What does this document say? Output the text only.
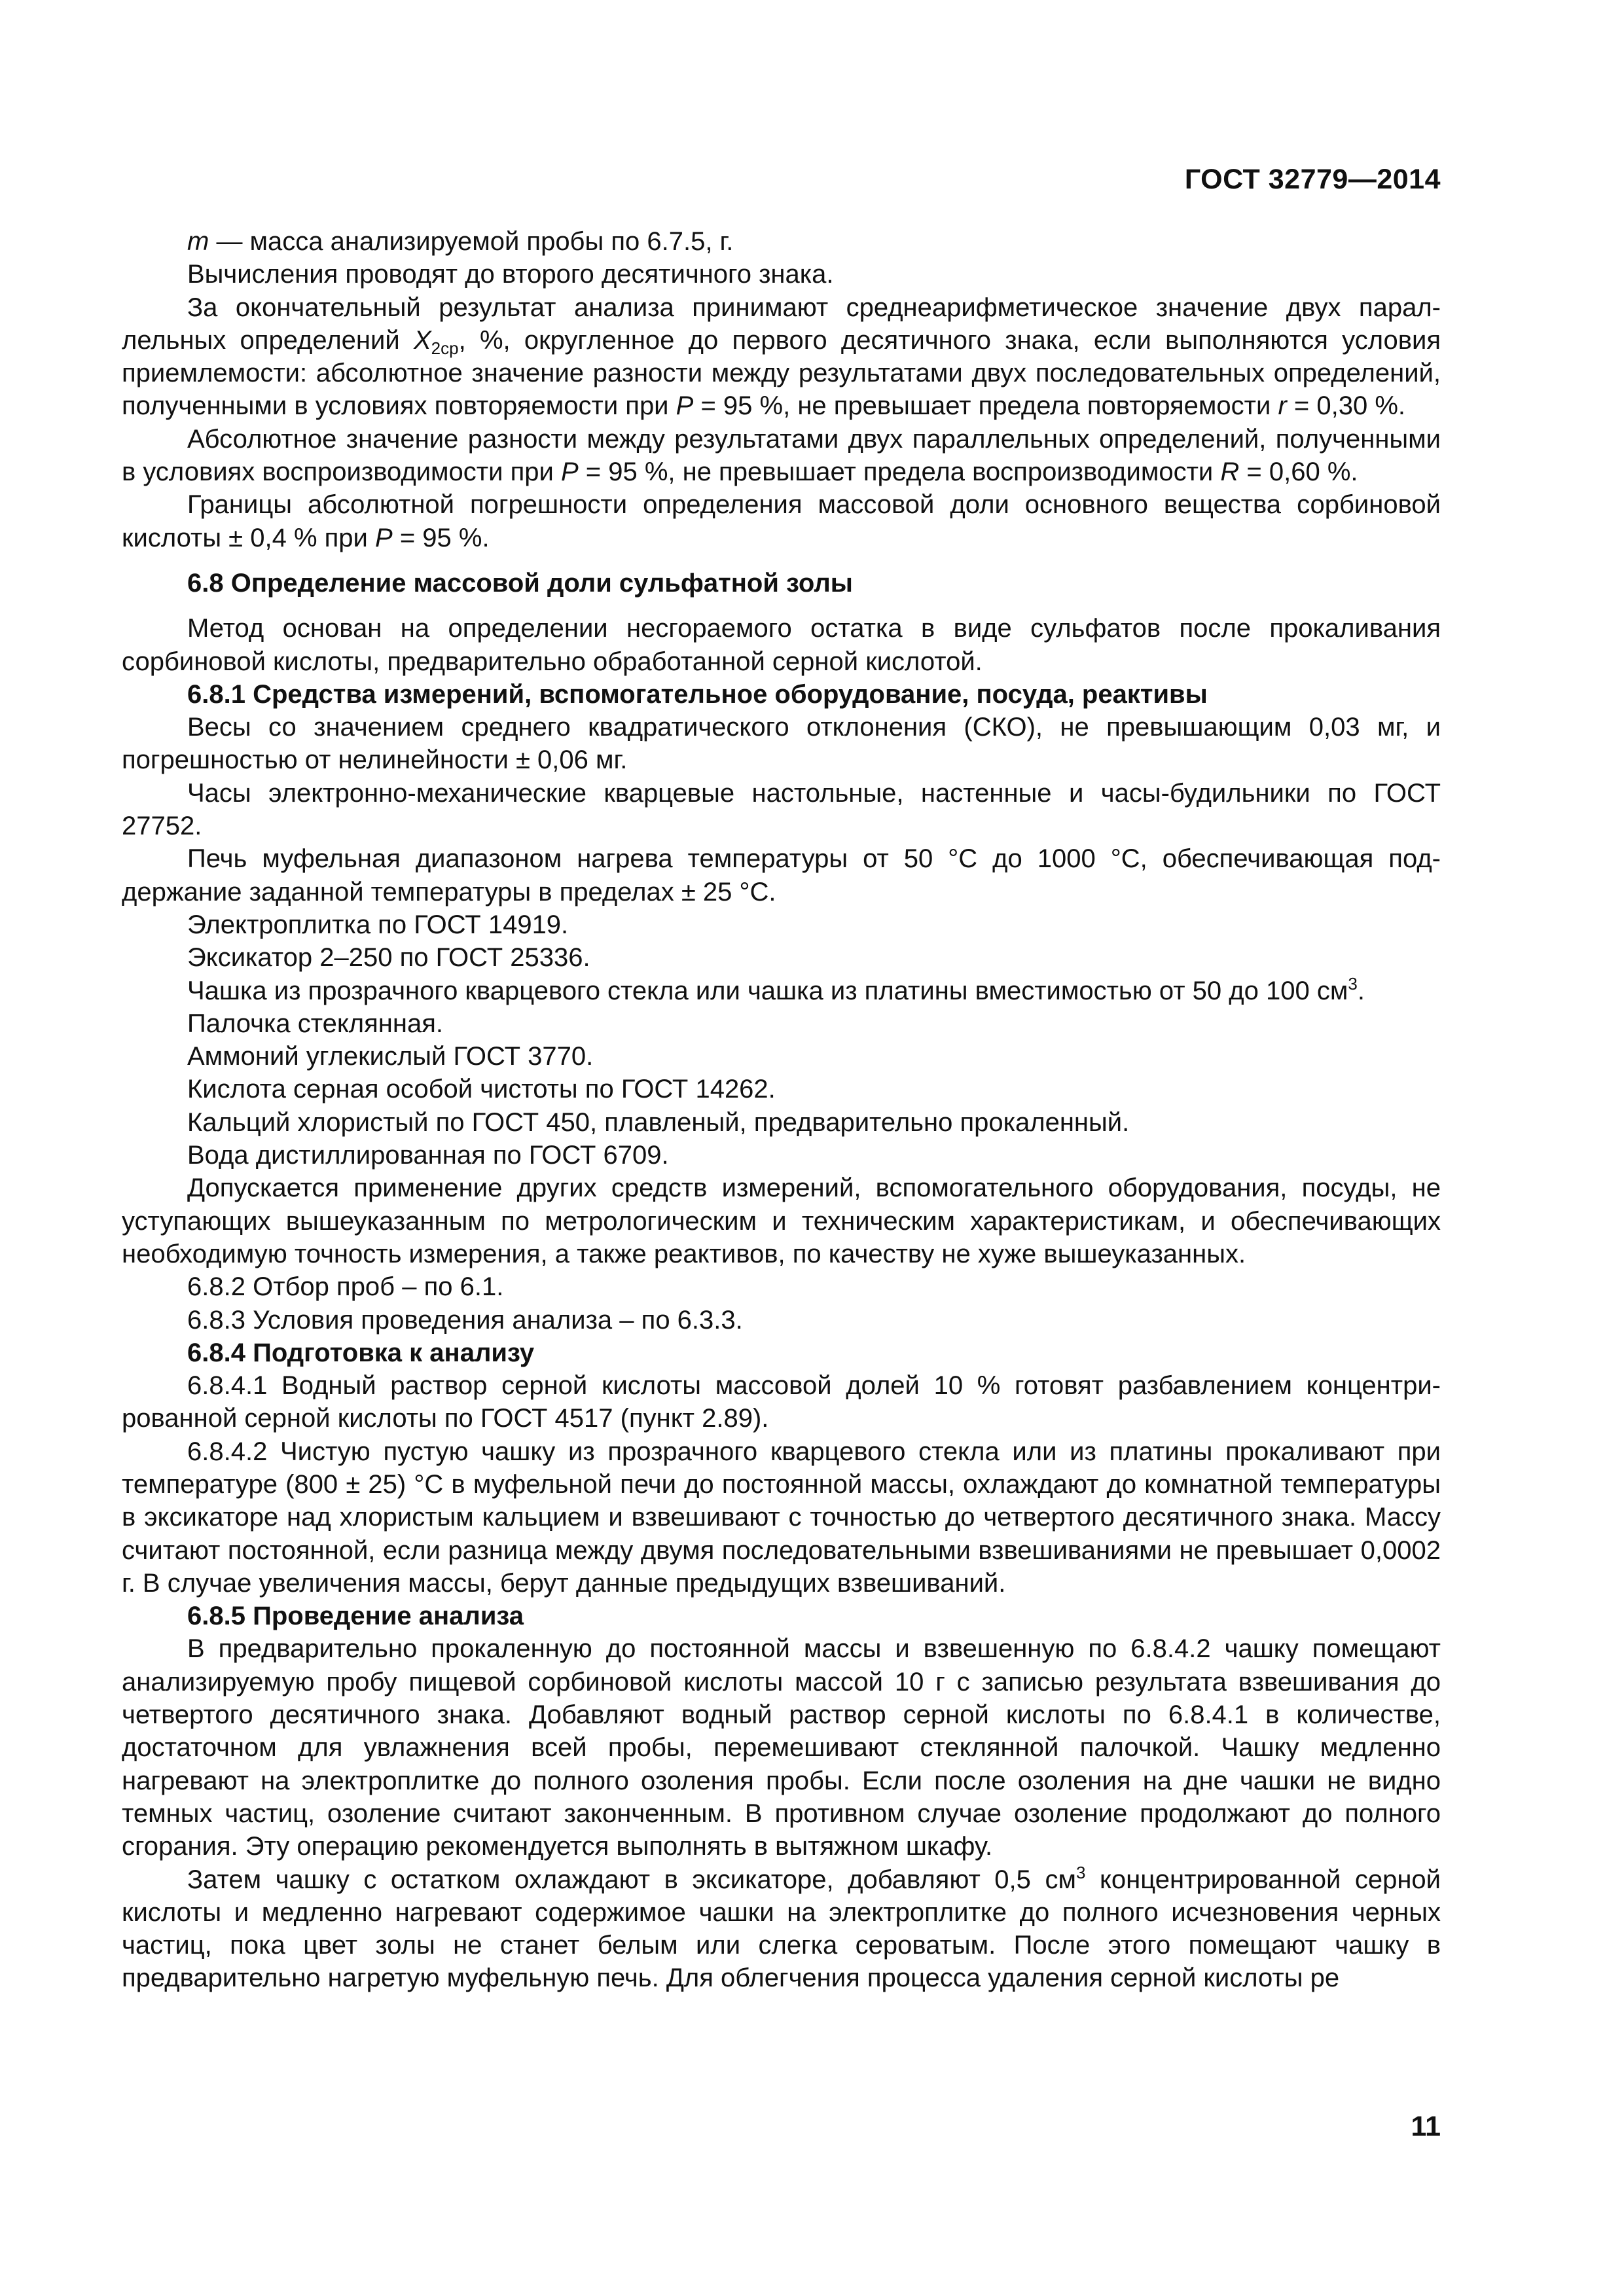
ГОСТ 32779—2014

m — масса анализируемой пробы по 6.7.5, г.

Вычисления проводят до второго десятичного знака.

За окончательный результат анализа принимают среднеарифметическое значение двух параллельных определений $X_{2ср}$, %, округленное до первого десятичного знака, если выполняются условия приемлемости: абсолютное значение разности между результатами двух последовательных определений, полученными в условиях повторяемости при P = 95 %, не превышает предела повторяемости r = 0,30 %.

Абсолютное значение разности между результатами двух параллельных определений, полученными в условиях воспроизводимости при P = 95 %, не превышает предела воспроизводимости R = 0,60 %.

Границы абсолютной погрешности определения массовой доли основного вещества сорбиновой кислоты ± 0,4 % при P = 95 %.

6.8 Определение массовой доли сульфатной золы

Метод основан на определении несгораемого остатка в виде сульфатов после прокаливания сорбиновой кислоты, предварительно обработанной серной кислотой.

6.8.1 Средства измерений, вспомогательное оборудование, посуда, реактивы

Весы со значением среднего квадратического отклонения (СКО), не превышающим 0,03 мг, и погрешностью от нелинейности ± 0,06 мг.

Часы электронно-механические кварцевые настольные, настенные и часы-будильники по ГОСТ 27752.

Печь муфельная диапазоном нагрева температуры от 50 °С до 1000 °С, обеспечивающая поддержание заданной температуры в пределах ± 25 °С.

Электроплитка по ГОСТ 14919.

Эксикатор 2–250 по ГОСТ 25336.

Чашка из прозрачного кварцевого стекла или чашка из платины вместимостью от 50 до 100 $см^3$.

Палочка стеклянная.

Аммоний углекислый ГОСТ 3770.

Кислота серная особой чистоты по ГОСТ 14262.

Кальций хлористый по ГОСТ 450, плавленый, предварительно прокаленный.

Вода дистиллированная по ГОСТ 6709.

Допускается применение других средств измерений, вспомогательного оборудования, посуды, не уступающих вышеуказанным по метрологическим и техническим характеристикам, и обеспечивающих необходимую точность измерения, а также реактивов, по качеству не хуже вышеуказанных.

6.8.2 Отбор проб – по 6.1.

6.8.3 Условия проведения анализа – по 6.3.3.

6.8.4 Подготовка к анализу

6.8.4.1 Водный раствор серной кислоты массовой долей 10 % готовят разбавлением концентрированной серной кислоты по ГОСТ 4517 (пункт 2.89).

6.8.4.2 Чистую пустую чашку из прозрачного кварцевого стекла или из платины прокаливают при температуре (800 ± 25) °С в муфельной печи до постоянной массы, охлаждают до комнатной температуры в эксикаторе над хлористым кальцием и взвешивают с точностью до четвертого десятичного знака. Массу считают постоянной, если разница между двумя последовательными взвешиваниями не превышает 0,0002 г. В случае увеличения массы, берут данные предыдущих взвешиваний.

6.8.5 Проведение анализа

В предварительно прокаленную до постоянной массы и взвешенную по 6.8.4.2 чашку помещают анализируемую пробу пищевой сорбиновой кислоты массой 10 г с записью результата взвешивания до четвертого десятичного знака. Добавляют водный раствор серной кислоты по 6.8.4.1 в количестве, достаточном для увлажнения всей пробы, перемешивают стеклянной палочкой. Чашку медленно нагревают на электроплитке до полного озоления пробы. Если после озоления на дне чашки не видно темных частиц, озоление считают законченным. В противном случае озоление продолжают до полного сгорания. Эту операцию рекомендуется выполнять в вытяжном шкафу.

Затем чашку с остатком охлаждают в эксикаторе, добавляют 0,5 $см^3$ концентрированной серной кислоты и медленно нагревают содержимое чашки на электроплитке до полного исчезновения черных частиц, пока цвет золы не станет белым или слегка сероватым. После этого помещают чашку в предварительно нагретую муфельную печь. Для облегчения процесса удаления серной кислоты ре

11
